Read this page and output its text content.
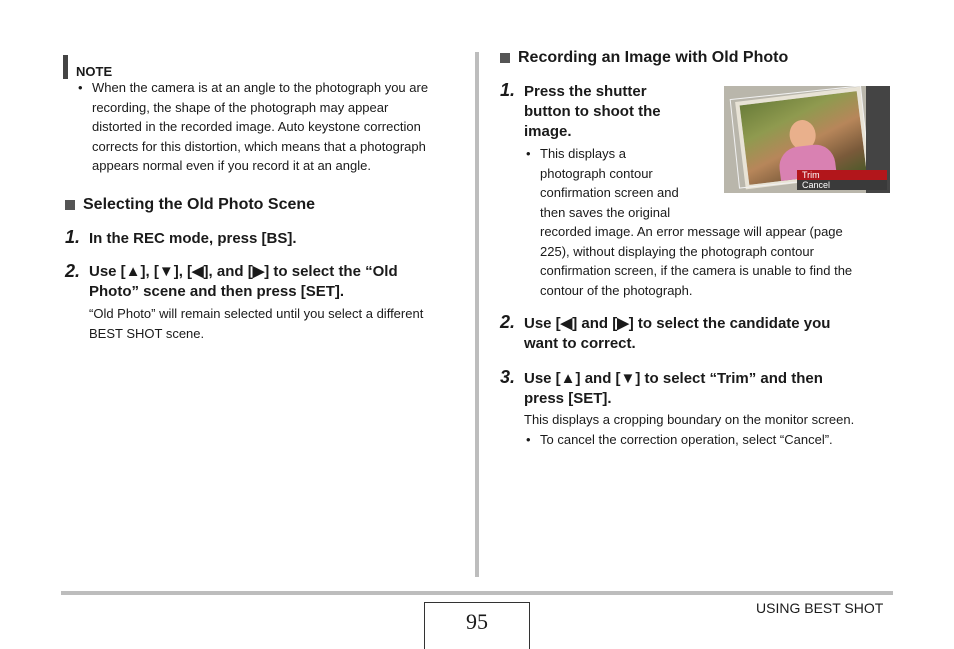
NOTE
• When the camera is at an angle to the photograph you are
recording, the shape of the photograph may appear
distorted in the recorded image. Auto keystone correction
corrects for this distortion, which means that a photograph
appears normal even if you record it at an angle.
Selecting the Old Photo Scene
1. In the REC mode, press [BS].
2. Use [▲], [▼], [◀], and [▶] to select the “Old
Photo” scene and then press [SET].
“Old Photo” will remain selected until you select a different
BEST SHOT scene.
Recording an Image with Old Photo
1. Press the shutter
button to shoot the
image.
• This displays a
photograph contour
confirmation screen and
then saves the original
recorded image. An error message will appear (page
225), without displaying the photograph contour
confirmation screen, if the camera is unable to find the
contour of the photograph.
Trim
Cancel
2. Use [◀] and [▶] to select the candidate you
want to correct.
3. Use [▲] and [▼] to select “Trim” and then
press [SET].
This displays a cropping boundary on the monitor screen.
• To cancel the correction operation, select “Cancel”.
95
USING BEST SHOT
